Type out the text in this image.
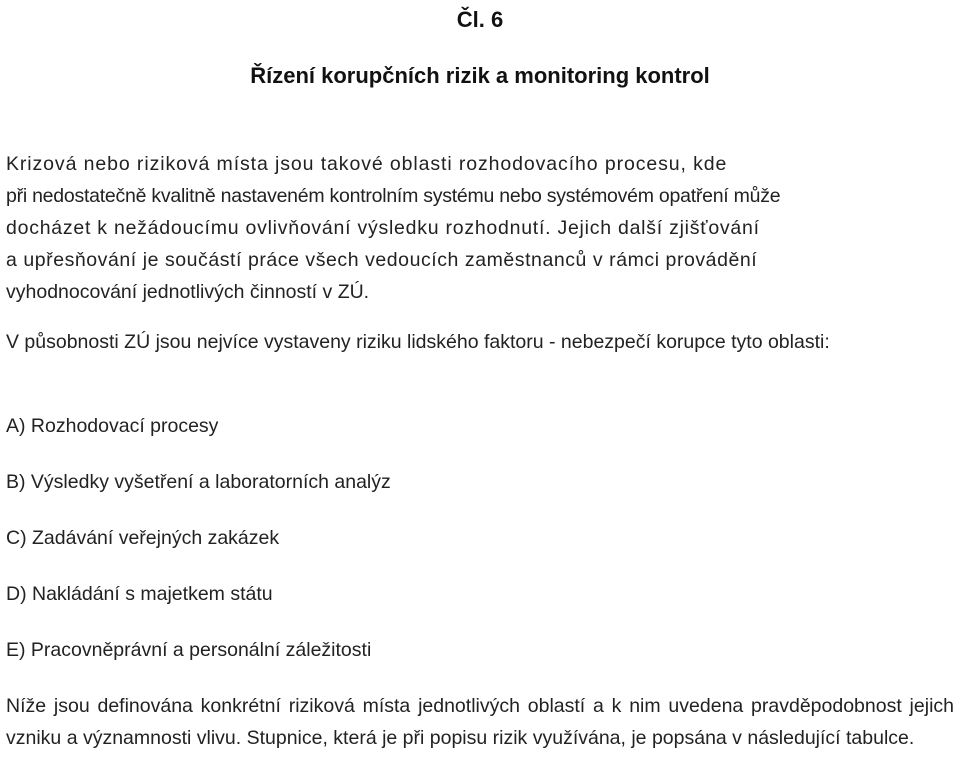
Čl. 6
Řízení korupčních rizik a monitoring kontrol
Krizová nebo riziková místa jsou takové oblasti rozhodovacího procesu, kde
při nedostatečně kvalitně nastaveném kontrolním systému nebo systémovém opatření může
docházet k nežádoucímu ovlivňování výsledku rozhodnutí. Jejich další zjišťování
a upřesňování je součástí práce všech vedoucích zaměstnanců v rámci provádění
vyhodnocování jednotlivých činností v ZÚ.

V působnosti ZÚ jsou nejvíce vystaveny riziku lidského faktoru - nebezpečí korupce tyto oblasti:

A) Rozhodovací procesy
B) Výsledky vyšetření a laboratorních analýz
C) Zadávání veřejných zakázek
D) Nakládání s majetkem státu
E) Pracovněprávní a personální záležitosti

Níže jsou definována konkrétní riziková místa jednotlivých oblastí a k nim uvedena pravděpodobnost jejich vzniku a významnosti vlivu. Stupnice, která je při popisu rizik využívána, je popsána v následující tabulce.
